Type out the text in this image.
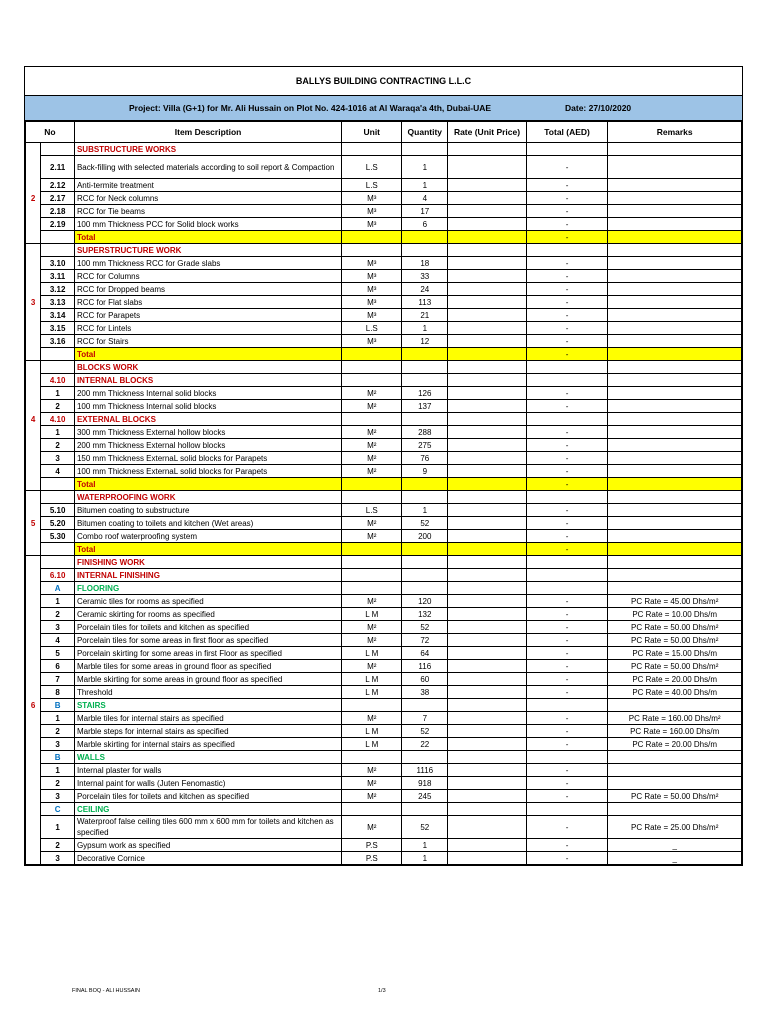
BALLYS BUILDING CONTRACTING L.L.C
Project: Villa (G+1) for Mr. Ali Hussain on Plot No. 424-1016 at Al Waraqa'a 4th, Dubai-UAE	Date: 27/10/2020
No		Item Description	Unit	Quantity	Rate (Unit Price)	Total (AED)	Remarks
		SUBSTRUCTURE WORKS					
	2.11	Back-filling with selected materials according to soil report & Compaction	L.S	1		-	
	2.12	Anti-termite treatment	L.S	1		-	
2	2.17	RCC for Neck columns	M³	4		-	
	2.18	RCC for Tie beams	M³	17		-	
	2.19	100 mm Thickness PCC for Solid block works	M³	6		-	
		Total				-	
		SUPERSTRUCTURE WORK					
	3.10	100 mm Thickness RCC for Grade slabs	M³	18		-	
	3.11	RCC for Columns	M³	33		-	
	3.12	RCC for Dropped beams	M³	24		-	
3	3.13	RCC for Flat slabs	M³	113		-	
	3.14	RCC for Parapets	M³	21		-	
	3.15	RCC for Lintels	L.S	1		-	
	3.16	RCC for Stairs	M³	12		-	
		Total				-	
		BLOCKS WORK					
	4.10	INTERNAL BLOCKS					
	1	200 mm Thickness Internal solid blocks	M²	126		-	
	2	100 mm Thickness Internal solid blocks	M²	137		-	
4	4.10	EXTERNAL BLOCKS					
	1	300 mm Thickness External hollow blocks	M²	288		-	
	2	200 mm Thickness External hollow blocks	M²	275		-	
	3	150 mm Thickness ExternaL solid blocks for Parapets	M²	76		-	
	4	100 mm Thickness ExternaL solid blocks for Parapets	M²	9		-	
		Total				-	
		WATERPROOFING WORK					
	5.10	Bitumen coating to substructure	L.S	1		-	
5	5.20	Bitumen coating to toilets and kitchen (Wet areas)	M²	52		-	
	5.30	Combo roof waterproofing system	M²	200		-	
		Total				-	
		FINISHING WORK					
	6.10	INTERNAL FINISHING					
	A	FLOORING					
	1	Ceramic tiles for rooms as specified	M²	120		-	PC Rate = 45.00 Dhs/m²
	2	Ceramic skirting for rooms as specified	L M	132		-	PC Rate = 10.00 Dhs/m
	3	Porcelain tiles for toilets and kitchen as specified	M²	52		-	PC Rate = 50.00 Dhs/m²
	4	Porcelain tiles for some areas in first floor as specified	M²	72		-	PC Rate = 50.00 Dhs/m²
	5	Porcelain skirting for some areas in first Floor as specified	L M	64		-	PC Rate = 15.00 Dhs/m
	6	Marble tiles for some areas in ground floor as specified	M²	116		-	PC Rate = 50.00 Dhs/m²
	7	Marble skirting for some areas in ground floor as specified	L M	60		-	PC Rate = 20.00 Dhs/m
	8	Threshold	L M	38		-	PC Rate = 40.00 Dhs/m
6	B	STAIRS					
	1	Marble tiles for internal stairs as specified	M²	7		-	PC Rate = 160.00 Dhs/m²
	2	Marble steps for internal stairs as specified	L M	52		-	PC Rate = 160.00 Dhs/m
	3	Marble skirting for internal stairs as specified	L M	22		-	PC Rate = 20.00 Dhs/m
	B	WALLS					
	1	Internal plaster for walls	M²	1116		-	
	2	Internal paint for walls (Juten Fenomastic)	M²	918		-	
	3	Porcelain tiles for toilets and kitchen as specified	M²	245		-	PC Rate = 50.00 Dhs/m²
	C	CEILING					
	1	Waterproof false ceiling tiles 600 mm x 600 mm for toilets and kitchen as specified	M²	52		-	PC Rate = 25.00 Dhs/m²
	2	Gypsum work as specified	P.S	1		-	_
	3	Decorative Cornice	P.S	1		-	_
FINAL BOQ - ALI HUSSAIN	1/3
